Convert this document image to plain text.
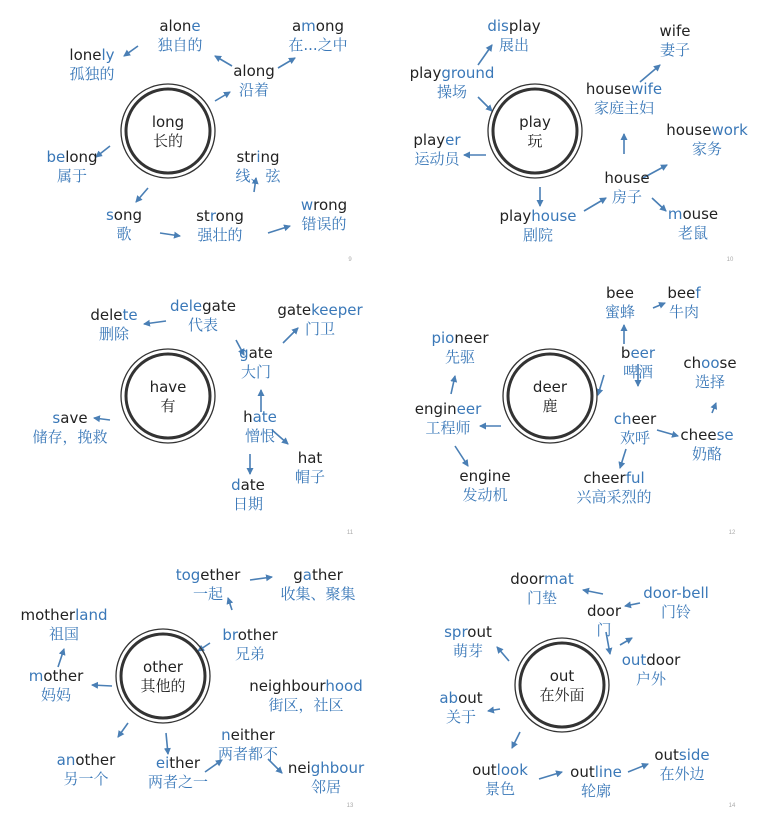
long
长的
alone
独自的
among
在...之中
lonely
孤独的	along
沿着
belong
属于
string
线、弦
song
歌
strong
强壮的
wrong
错误的
9
play
玩
display
展出
wife
妻子
playground
操场	housewife
家庭主妇
player
运动员
housework
家务
house
房子
playhouse
剧院
mouse
老鼠
10
have
有
delegate
代表
gatekeeper
门卫
delete
删除
gate
大门
save
储存，挽救
hate
憎恨
hat
帽子
date
日期
11
deer
鹿
bee
蜜蜂
beef
牛肉
pioneer
先驱	beer
啤酒 choose
选择
engineer
工程师	cheer
欢呼 cheese
奶酪
engine
发动机
cheerful
兴高采烈的
12
other
其他的
together
一起
gather
收集、聚集
motherland
祖国	brother
兄弟
mother
妈妈	neighbourhood
街区，社区
neither
两者都不
another
另一个
either
两者之一
neighbour
邻居
13
out
在外面
doormat
门垫	door-bell
门铃
door
门
sprout
萌芽	outdoor
户外
about
关于
outlook
景色
outline
轮廓
outside
在外边
14
